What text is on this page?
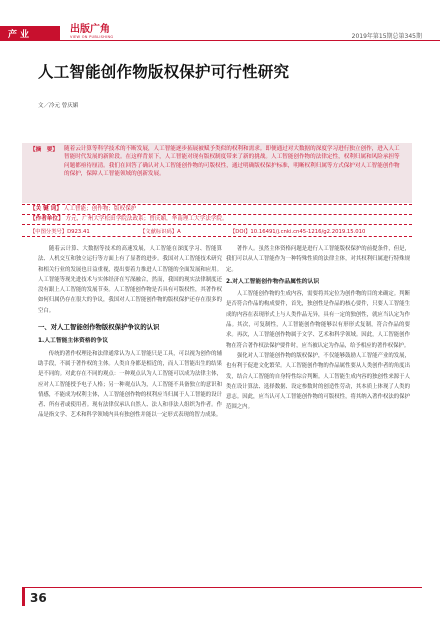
产业	出版广角
VIEW ON PUBLISHING	2019年第15期总第345期
人工智能创作物版权保护可行性研究
文／冷元 曾庆媚
【摘　要】 随着云计算等科学技术的不断发展，人工智能逐步拓展被赋予类似的权利和需求。即便通过对大数据的深度学习进行独立创作，进入人工智能时代发展的新阶段。在这样背景下，人工智能对现有版权制度带来了新的挑战。人工智能创作物的法律定性，权利归属和风险承担等问题都亟待厘清。我们在回答了确认对人工智能创作物的可版权性，通过明确版权保护标准，明晰权利归属等方式保护对人工智能创作物的保护，保障人工智能领域的创新发展。
【关 键 词】 人工智能；创作物；版权保护
【作者单位】 方元，广州大学松田学院法政系；曾庆媚，华南理工大学法学院。
【中图分类号】D923.41	【文献标识码】A	【DOI】10.16491/j.cnki.cn45-1216/g2.2019.15.010

随着云计算、大数据等技术的高速发展，人工智能在深度学习、智能算法、人机交互和独立运行等方面上有了显著的进步。我国对人工智能技术研究和相关行业的发展也日益重视，提出要着力推进人工智能的全面发展和应用。人工智能等现先进技术与实体经济在写深融合，然而，我国的现实法律制度还没有跟上人工智能的发展节奏。人工智能创作物是否具有可版权性，其著作权如何归属仍存在很大的争议，我国对人工智能创作物的版权保护还存在很多的空白。

一、对人工智能创作物版权保护争议的认识
1.人工智能主体资格的争议

传统的著作权理论和法律通常认为人工智能只是工具，可以视为创作的辅助手段，不属于著作权的主体。人类自身都是相近的，而人工智能出生的结果是不同的。对此存在不同的观点：一种观点认为人工智能可以成为法律主体，应对人工智能授予电子人格；另一种观点认为，人工智能不具备独立的意识和情感，不能成为权利主体，人工智能创作物的权利应当归属于人工智能的设计者、所有者或使用者。现有法律仅承认自然人、法人和非法人组织为作者。作品是指文学、艺术和科学领域内具有独创性并能以一定形式表现的智力成果。

著作人。虽然主体资格问题是进行人工智能版权保护的前提条件，但是，我们可以从人工智能作为一种特殊性质的法律主体，对其权利归属进行特殊规定。

2.对人工智能创作物作品属性的认识

人工智能创作物的生成内容，需要将其定位为创作物的目的来确定。判断是否符合作品的构成要件，首先，独创性是作品的核心要件，只要人工智能生成的内容在表现形式上与人类作品无异，具有一定的独创性，就应当认定为作品。其次，可复制性，人工智能创作物能够以有形形式复制，符合作品的要求。再次，人工智能创作物属于文学、艺术和科学领域。因此，人工智能创作物在符合著作权法保护要件时，应当被认定为作品，给予相应的著作权保护。

强化对人工智能创作物的版权保护，不仅能够鼓励人工智能产业的发展，也有利于促进文化繁荣。人工智能创作物的作品属性要从人类创作者的角度出发，结合人工智能的自身特性综合判断。人工智能生成内容的独创性来源于人类在设计算法、选择数据、设定参数时的创造性劳动，其本质上体现了人类的意志。因此，应当认可人工智能创作物的可版权性，将其纳入著作权法的保护范围之内。

36
